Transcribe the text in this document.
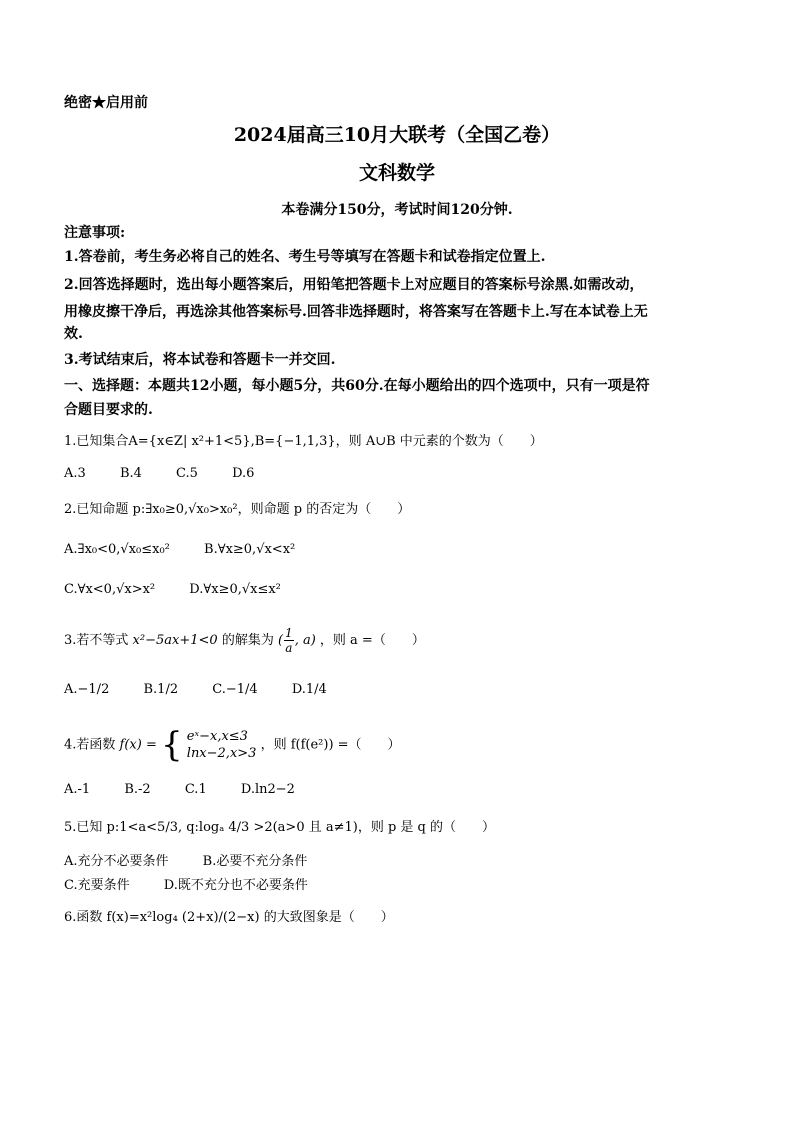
绝密★启用前
2024届高三10月大联考（全国乙卷）
文科数学
本卷满分150分，考试时间120分钟.
注意事项:
1.答卷前，考生务必将自己的姓名、考生号等填写在答题卡和试卷指定位置上.
2.回答选择题时，选出每小题答案后，用铅笔把答题卡上对应题目的答案标号涂黑.如需改动，
用橡皮擦干净后，再选涂其他答案标号.回答非选择题时，将答案写在答题卡上.写在本试卷上无
效.
3.考试结束后，将本试卷和答题卡一并交回.
一、选择题：本题共12小题，每小题5分，共60分.在每小题给出的四个选项中，只有一项是符
合题目要求的.
1.已知集合A={x∈Z| x²+1<5},B={−1,1,3}，则 A∪B 中元素的个数为（　　）
A.3	B.4	C.5	D.6
2.已知命题 p:∃x₀≥0,√x₀>x₀²，则命题 p 的否定为（　　）
A.∃x₀<0,√x₀≤x₀²	B.∀x≥0,√x<x²
C.∀x<0,√x>x²	D.∀x≥0,√x≤x²
3.若不等式 x²−5ax+1<0 的解集为 ( $\frac{1}{a}$ , a) ，则 a =（　　）
A.−1/2	B.1/2	C.−1/4	D.1/4
4.若函数 f(x) = { eˣ−x,x≤3
lnx−2,x>3
，则 f(f(e²)) =（　　）
A.-1	B.-2	C.1	D.ln2−2
5.已知 p:1<a<5/3, q:logₐ 4/3 >2(a>0 且 a≠1)，则 p 是 q 的（　　）
A.充分不必要条件	B.必要不充分条件
C.充要条件	D.既不充分也不必要条件
6.函数 f(x)=x²log₄ (2+x)/(2−x) 的大致图象是（　　）
